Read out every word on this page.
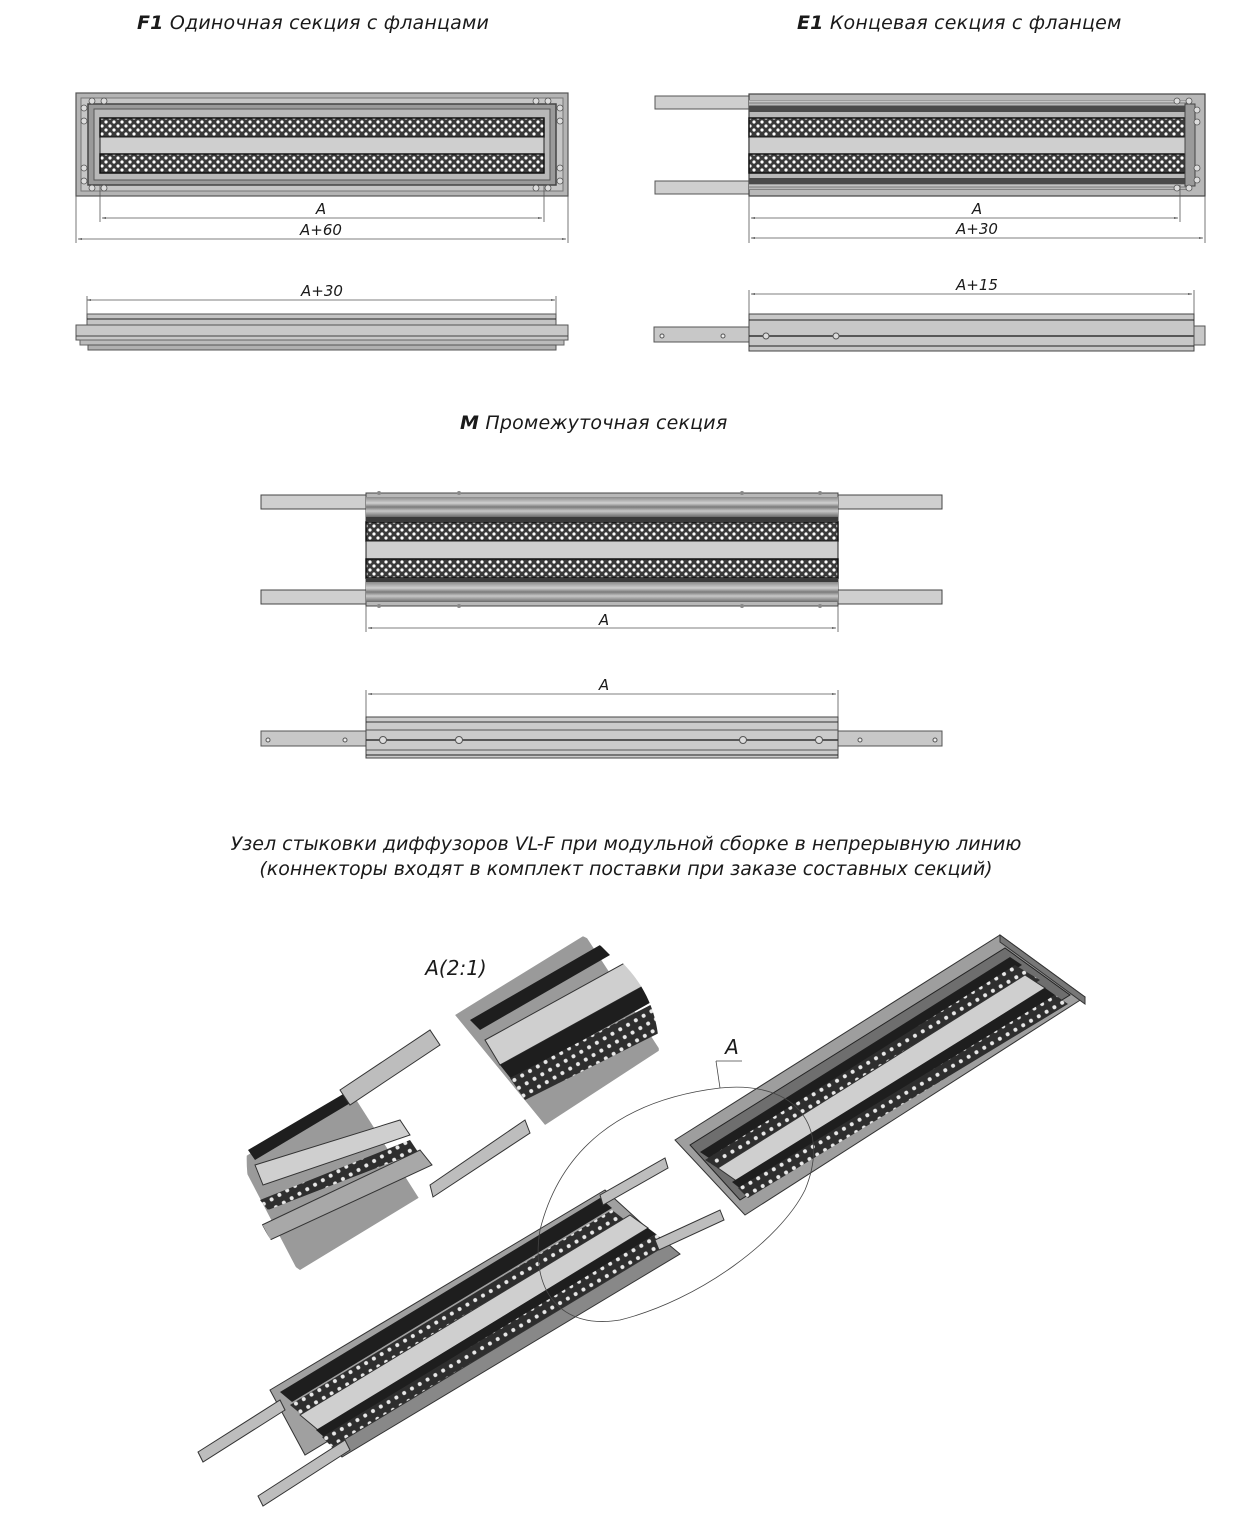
F1 Одиночная секция с фланцами	E1 Концевая секция с фланцем
M Промежуточная секция
Узел стыковки диффузоров VL-F при модульной сборке в непрерывную линию
(коннекторы входят в комплект поставки при заказе составных секций)
A
A+60
A+30
A
A+30
A+15
A
A
A
A(2:1)
